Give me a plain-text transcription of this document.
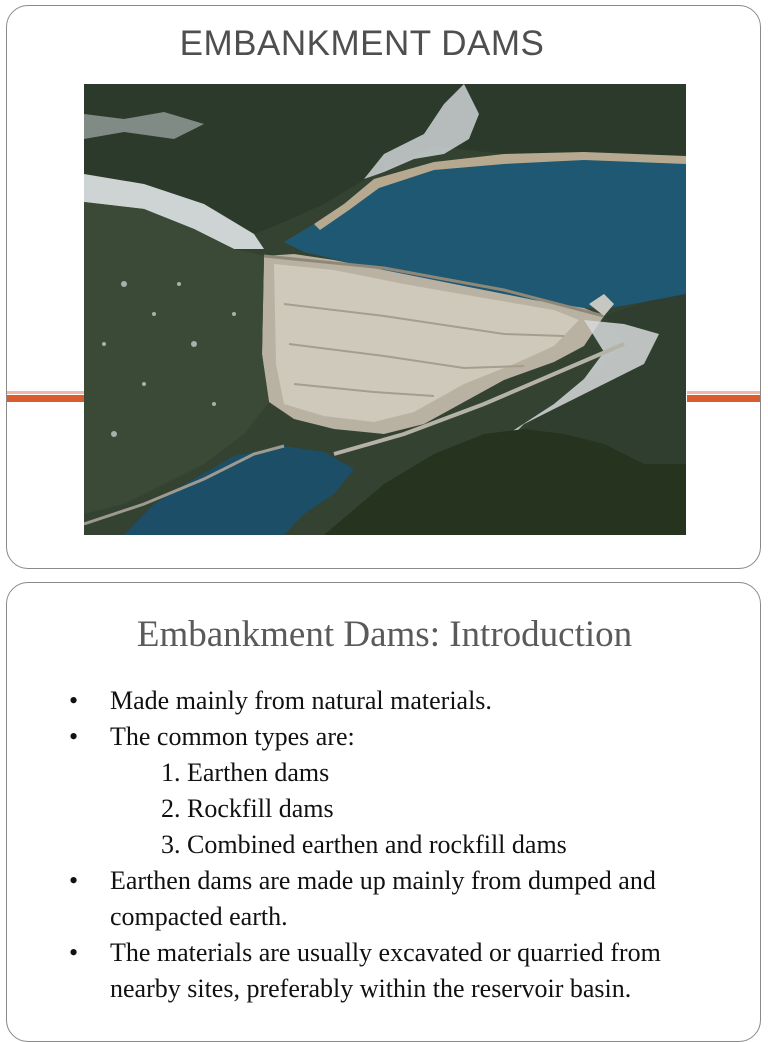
EMBANKMENT DAMS
Embankment Dams: Introduction
• Made mainly from natural materials.
• The common types are:
1. Earthen dams
2. Rockfill dams
3. Combined earthen and rockfill dams
• Earthen dams are made up mainly from dumped and compacted earth.
• The materials are usually excavated or quarried from nearby sites, preferably within the reservoir basin.
